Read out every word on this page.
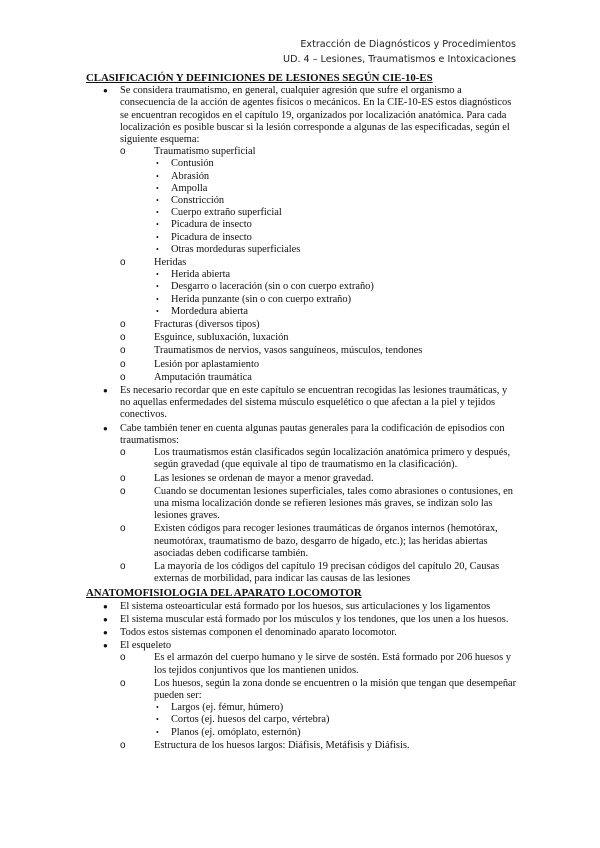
Extracción de Diagnósticos y Procedimientos
UD. 4 – Lesiones, Traumatismos e Intoxicaciones
CLASIFICACIÓN Y DEFINICIONES DE LESIONES SEGÚN CIE-10-ES
● Se considera traumatismo, en general, cualquier agresión que sufre el organismo a consecuencia de la acción de agentes físicos o mecánicos. En la CIE-10-ES estos diagnósticos se encuentran recogidos en el capítulo 19, organizados por localización anatómica. Para cada localización es posible buscar si la lesión corresponde a algunas de las especificadas, según el siguiente esquema:
o Traumatismo superficial
• Contusión
• Abrasión
• Ampolla
• Constricción
• Cuerpo extraño superficial
• Picadura de insecto
• Picadura de insecto
• Otras mordeduras superficiales
o Heridas
• Herida abierta
• Desgarro o laceración (sin o con cuerpo extraño)
• Herida punzante (sin o con cuerpo extraño)
• Mordedura abierta
o Fracturas (diversos tipos)
o Esguince, subluxación, luxación
o Traumatismos de nervios, vasos sanguíneos, músculos, tendones
o Lesión por aplastamiento
o Amputación traumática
● Es necesario recordar que en este capítulo se encuentran recogidas las lesiones traumáticas, y no aquellas enfermedades del sistema músculo esquelético o que afectan a la piel y tejidos conectivos.
● Cabe también tener en cuenta algunas pautas generales para la codificación de episodios con traumatismos:
o Los traumatismos están clasificados según localización anatómica primero y después, según gravedad (que equivale al tipo de traumatismo en la clasificación).
o Las lesiones se ordenan de mayor a menor gravedad.
o Cuando se documentan lesiones superficiales, tales como abrasiones o contusiones, en una misma localización donde se refieren lesiones más graves, se indizan solo las lesiones graves.
o Existen códigos para recoger lesiones traumáticas de órganos internos (hemotórax, neumotórax, traumatismo de bazo, desgarro de hígado, etc.); las heridas abiertas asociadas deben codificarse también.
o La mayoría de los códigos del capítulo 19 precisan códigos del capítulo 20, Causas externas de morbilidad, para indicar las causas de las lesiones
ANATOMOFISIOLOGIA DEL APARATO LOCOMOTOR
● El sistema osteoarticular está formado por los huesos, sus articulaciones y los ligamentos
● El sistema muscular está formado por los músculos y los tendones, que los unen a los huesos.
● Todos estos sistemas componen el denominado aparato locomotor.
● El esqueleto
o Es el armazón del cuerpo humano y le sirve de sostén. Está formado por 206 huesos y los tejidos conjuntivos que los mantienen unidos.
o Los huesos, según la zona donde se encuentren o la misión que tengan que desempeñar pueden ser:
• Largos (ej. fémur, húmero)
• Cortos (ej. huesos del carpo, vértebra)
• Planos (ej. omóplato, esternón)
o Estructura de los huesos largos: Diáfisis, Metáfisis y Diáfisis.
